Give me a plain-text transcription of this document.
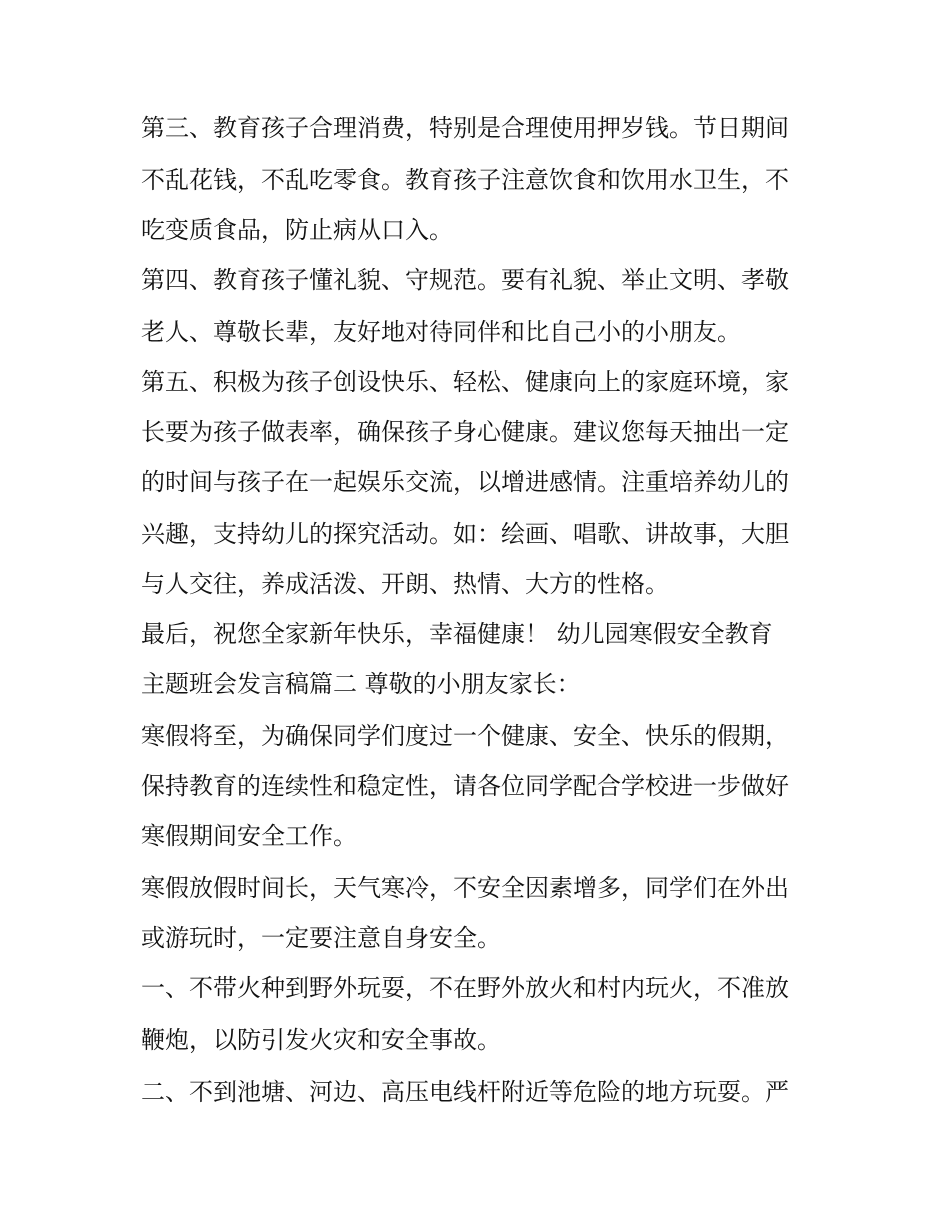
第三、教育孩子合理消费，特别是合理使用押岁钱。节日期间

不乱花钱，不乱吃零食。教育孩子注意饮食和饮用水卫生，不

吃变质食品，防止病从口入。

第四、教育孩子懂礼貌、守规范。要有礼貌、举止文明、孝敬

老人、尊敬长辈，友好地对待同伴和比自己小的小朋友。

第五、积极为孩子创设快乐、轻松、健康向上的家庭环境，家

长要为孩子做表率，确保孩子身心健康。建议您每天抽出一定

的时间与孩子在一起娱乐交流，以增进感情。注重培养幼儿的

兴趣，支持幼儿的探究活动。如：绘画、唱歌、讲故事，大胆

与人交往，养成活泼、开朗、热情、大方的性格。

最后，祝您全家新年快乐，幸福健康！ 幼儿园寒假安全教育

主题班会发言稿篇二 尊敬的小朋友家长：

寒假将至，为确保同学们度过一个健康、安全、快乐的假期，

保持教育的连续性和稳定性，请各位同学配合学校进一步做好

寒假期间安全工作。

寒假放假时间长，天气寒冷，不安全因素增多，同学们在外出

或游玩时，一定要注意自身安全。

一、不带火种到野外玩耍，不在野外放火和村内玩火，不准放

鞭炮，以防引发火灾和安全事故。

二、不到池塘、河边、高压电线杆附近等危险的地方玩耍。严
